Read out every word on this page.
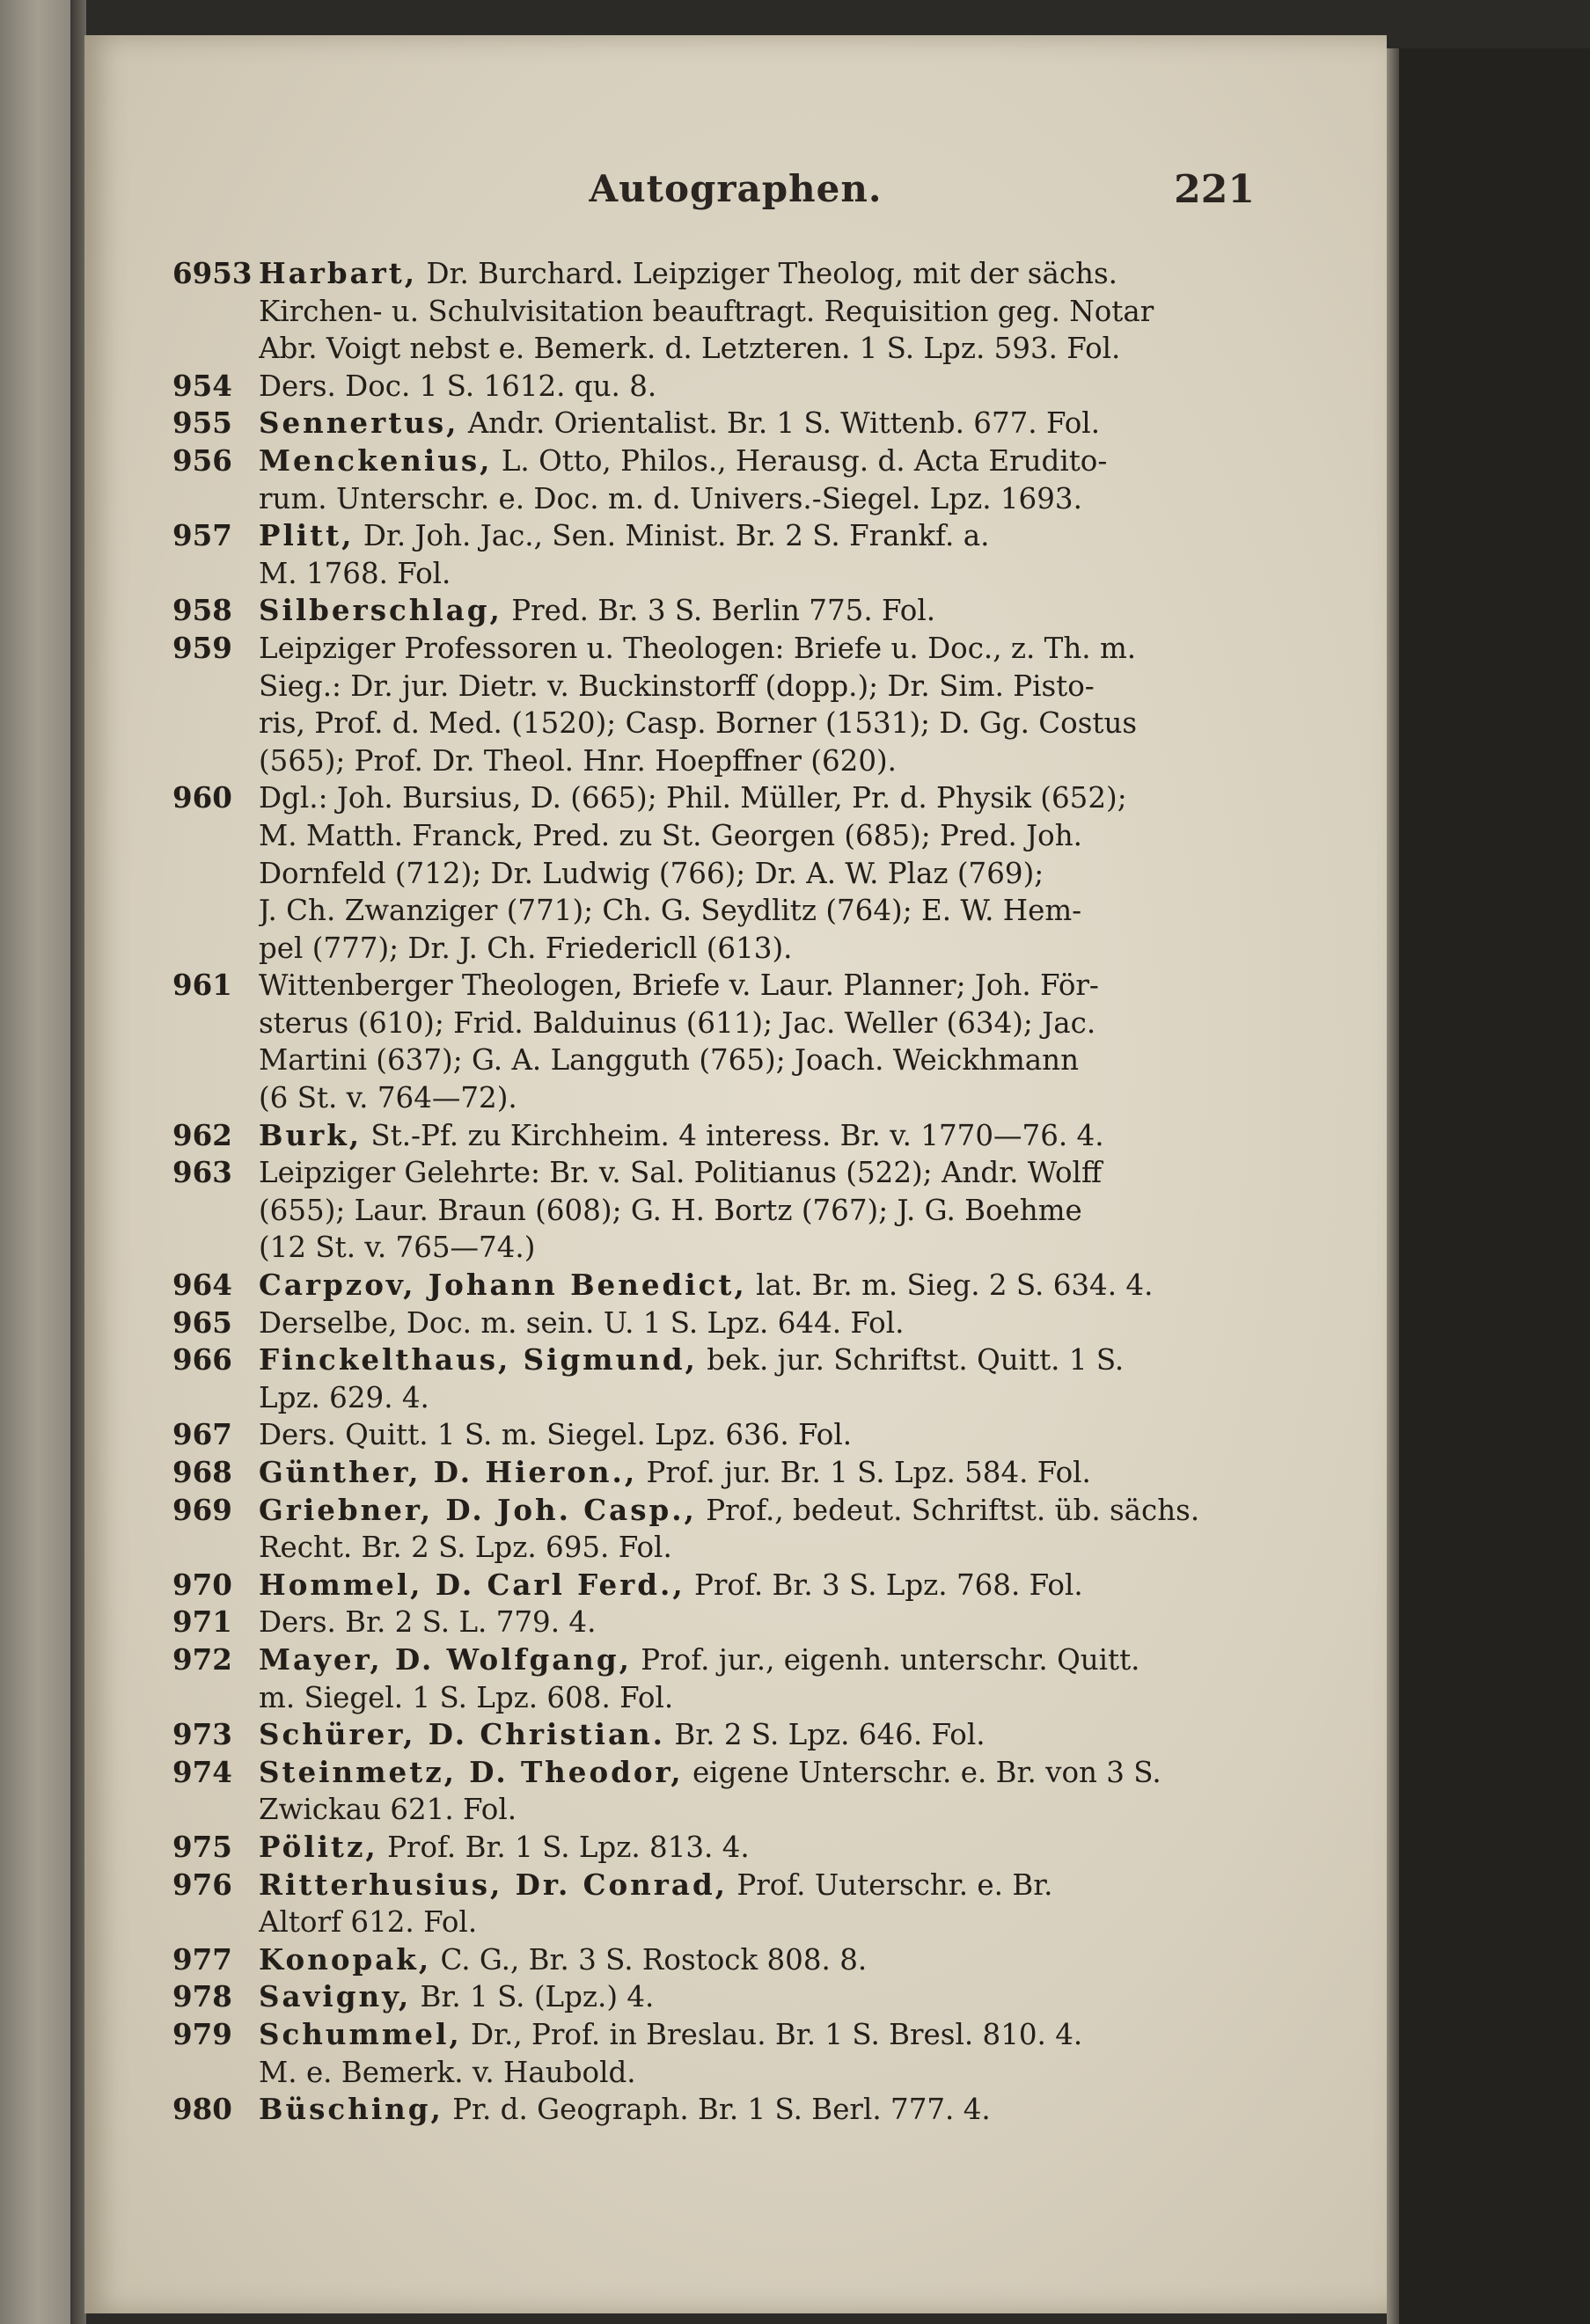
Autographen.	221
6953 Harbart, Dr. Burchard. Leipziger Theolog, mit der sächs.
Kirchen- u. Schulvisitation beauftragt. Requisition geg. Notar
Abr. Voigt nebst e. Bemerk. d. Letzteren. 1 S. Lpz. 593. Fol.
954 Ders. Doc. 1 S. 1612. qu. 8.
955 Sennertus, Andr. Orientalist. Br. 1 S. Wittenb. 677. Fol.
956 Menckenius, L. Otto, Philos., Herausg. d. Acta Erudito-
rum. Unterschr. e. Doc. m. d. Univers.-Siegel. Lpz. 1693.
957 Plitt, Dr. Joh. Jac., Sen. Minist. Br. 2 S. Frankf. a.
M. 1768. Fol.
958 Silberschlag, Pred. Br. 3 S. Berlin 775. Fol.
959 Leipziger Professoren u. Theologen: Briefe u. Doc., z. Th. m.
Sieg.: Dr. jur. Dietr. v. Buckinstorff (dopp.); Dr. Sim. Pisto-
ris, Prof. d. Med. (1520); Casp. Borner (1531); D. Gg. Costus
(565); Prof. Dr. Theol. Hnr. Hoepffner (620).
960 Dgl.: Joh. Bursius, D. (665); Phil. Müller, Pr. d. Physik (652);
M. Matth. Franck, Pred. zu St. Georgen (685); Pred. Joh.
Dornfeld (712); Dr. Ludwig (766); Dr. A. W. Plaz (769);
J. Ch. Zwanziger (771); Ch. G. Seydlitz (764); E. W. Hem-
pel (777); Dr. J. Ch. Friedericll (613).
961 Wittenberger Theologen, Briefe v. Laur. Planner; Joh. För-
sterus (610); Frid. Balduinus (611); Jac. Weller (634); Jac.
Martini (637); G. A. Langguth (765); Joach. Weickhmann
(6 St. v. 764—72).
962 Burk, St.-Pf. zu Kirchheim. 4 interess. Br. v. 1770—76. 4.
963 Leipziger Gelehrte: Br. v. Sal. Politianus (522); Andr. Wolff
(655); Laur. Braun (608); G. H. Bortz (767); J. G. Boehme
(12 St. v. 765—74.)
964 Carpzov, Johann Benedict, lat. Br. m. Sieg. 2 S. 634. 4.
965 Derselbe, Doc. m. sein. U. 1 S. Lpz. 644. Fol.
966 Finckelthaus, Sigmund, bek. jur. Schriftst. Quitt. 1 S.
Lpz. 629. 4.
967 Ders. Quitt. 1 S. m. Siegel. Lpz. 636. Fol.
968 Günther, D. Hieron., Prof. jur. Br. 1 S. Lpz. 584. Fol.
969 Griebner, D. Joh. Casp., Prof., bedeut. Schriftst. üb. sächs.
Recht. Br. 2 S. Lpz. 695. Fol.
970 Hommel, D. Carl Ferd., Prof. Br. 3 S. Lpz. 768. Fol.
971 Ders. Br. 2 S. L. 779. 4.
972 Mayer, D. Wolfgang, Prof. jur., eigenh. unterschr. Quitt.
m. Siegel. 1 S. Lpz. 608. Fol.
973 Schürer, D. Christian. Br. 2 S. Lpz. 646. Fol.
974 Steinmetz, D. Theodor, eigene Unterschr. e. Br. von 3 S.
Zwickau 621. Fol.
975 Pölitz, Prof. Br. 1 S. Lpz. 813. 4.
976 Ritterhusius, Dr. Conrad, Prof. Uuterschr. e. Br.
Altorf 612. Fol.
977 Konopak, C. G., Br. 3 S. Rostock 808. 8.
978 Savigny, Br. 1 S. (Lpz.) 4.
979 Schummel, Dr., Prof. in Breslau. Br. 1 S. Bresl. 810. 4.
M. e. Bemerk. v. Haubold.
980 Büsching, Pr. d. Geograph. Br. 1 S. Berl. 777. 4.
